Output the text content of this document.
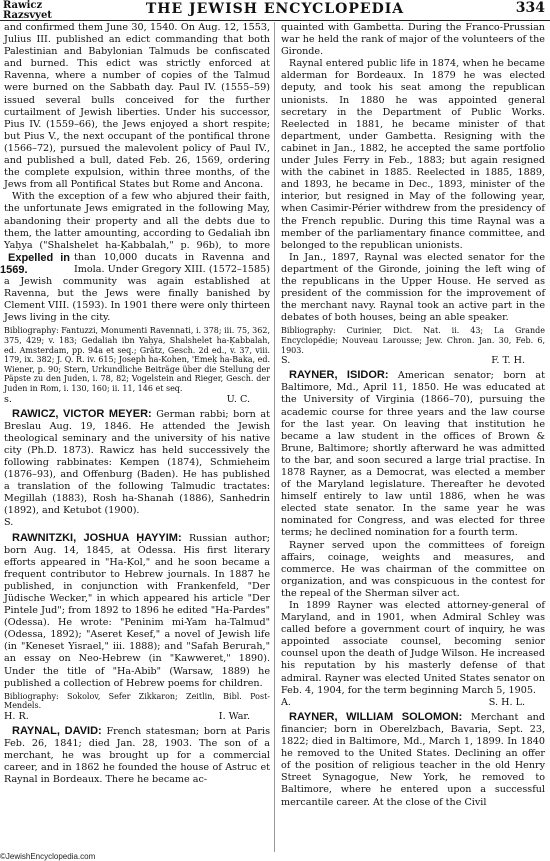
Rawicz
Razsvyet	THE JEWISH ENCYCLOPEDIA	334

and confirmed them June 30, 1540. On Aug. 12, 1553, Julius III. published an edict commanding that both Palestinian and Babylonian Talmuds be confiscated and burned. This edict was strictly enforced at Ravenna, where a number of copies of the Talmud were burned on the Sabbath day. Paul IV. (1555–59) issued several bulls conceived for the further curtailment of Jewish liberties. Under his successor, Pius IV. (1559–66), the Jews enjoyed a short respite; but Pius V., the next occupant of the pontifical throne (1566–72), pursued the malevolent policy of Paul IV., and published a bull, dated Feb. 26, 1569, ordering the complete expulsion, within three months, of the Jews from all Pontifical States but Rome and Ancona.

With the exception of a few who abjured their faith, the unfortunate Jews emigrated in the following May, abandoning their property and all the debts due to them, the latter amounting, according to Gedaliah ibn Yaḥya ("Shalshelet ha-Ḳabbalah," p. 96b), to more than 10,000 ducats in
Expelled in 1569.
Ravenna and Imola. Under Gregory XIII. (1572–1585) a Jewish community was again established at Ravenna, but the Jews were finally banished by Clement VIII. (1593). In 1901 there were only thirteen Jews living in the city.

Bibliography: Fantuzzi, Monumenti Ravennati, i. 378; iii. 75, 362, 375, 429; v. 183; Gedaliah ibn Yaḥya, Shalshelet ha-Ḳabbalah, ed. Amsterdam, pp. 94a et seq.; Grätz, Gesch. 2d ed., v. 37, viii. 179, ix. 382; J. Q. R. iv. 615; Joseph ha-Kohen, 'Emeḳ ha-Baka, ed. Wiener, p. 90; Stern, Urkundliche Beiträge über die Stellung der Päpste zu den Juden, i. 78, 82; Vogelstein and Rieger, Gesch. der Juden in Rom, i. 130, 160; ii. 11, 146 et seq.

s.	U. C.

RAWICZ, VICTOR MEYER: German rabbi; born at Breslau Aug. 19, 1846. He attended the Jewish theological seminary and the university of his native city (Ph.D. 1873). Rawicz has held successively the following rabbinates: Kempen (1874), Schmieheim (1876–93), and Offenburg (Baden). He has published a translation of the following Talmudic tractates: Megillah (1883), Rosh ha-Shanah (1886), Sanhedrin (1892), and Ketubot (1900).

S.

RAWNITZKI, JOSHUA ḤAYYIM: Russian author; born Aug. 14, 1845, at Odessa. His first literary efforts appeared in "Ha-Ḳol," and he soon became a frequent contributor to Hebrew journals. In 1887 he published, in conjunction with Frankenfeld, "Der Jüdische Wecker," in which appeared his article "Der Pintele Jud"; from 1892 to 1896 he edited "Ha-Pardes" (Odessa). He wrote: "Peninim mi-Yam ha-Talmud" (Odessa, 1892); "Aseret Kesef," a novel of Jewish life (in "Keneset Yisrael," iii. 1888); and "Safah Berurah," an essay on Neo-Hebrew (in "Kawweret," 1890). Under the title of "Ha-Abib" (Warsaw, 1889) he published a collection of Hebrew poems for children.

Bibliography: Sokolov, Sefer Zikkaron; Zeitlin, Bibl. Post-Mendels.

H. R.	I. War.

RAYNAL, DAVID: French statesman; born at Paris Feb. 26, 1841; died Jan. 28, 1903. The son of a merchant, he was brought up for a commercial career, and in 1862 he founded the house of Astruc et Raynal in Bordeaux. There he became ac-

quainted with Gambetta. During the Franco-Prussian war he held the rank of major of the volunteers of the Gironde.

Raynal entered public life in 1874, when he became alderman for Bordeaux. In 1879 he was elected deputy, and took his seat among the republican unionists. In 1880 he was appointed general secretary in the Department of Public Works. Reelected in 1881, he became minister of that department, under Gambetta. Resigning with the cabinet in Jan., 1882, he accepted the same portfolio under Jules Ferry in Feb., 1883; but again resigned with the cabinet in 1885. Reelected in 1885, 1889, and 1893, he became in Dec., 1893, minister of the interior, but resigned in May of the following year, when Casimir-Périer withdrew from the presidency of the French republic. During this time Raynal was a member of the parliamentary finance committee, and belonged to the republican unionists.

In Jan., 1897, Raynal was elected senator for the department of the Gironde, joining the left wing of the republicans in the Upper House. He served as president of the commission for the improvement of the merchant navy. Raynal took an active part in the debates of both houses, being an able speaker.

Bibliography: Curinier, Dict. Nat. ii. 43; La Grande Encyclopédie; Nouveau Larousse; Jew. Chron. Jan. 30, Feb. 6, 1903.

S.	F. T. H.

RAYNER, ISIDOR: American senator; born at Baltimore, Md., April 11, 1850. He was educated at the University of Virginia (1866–70), pursuing the academic course for three years and the law course for the last year. On leaving that institution he became a law student in the offices of Brown & Brune, Baltimore; shortly afterward he was admitted to the bar, and soon secured a large trial practise. In 1878 Rayner, as a Democrat, was elected a member of the Maryland legislature. Thereafter he devoted himself entirely to law until 1886, when he was elected state senator. In the same year he was nominated for Congress, and was elected for three terms; he declined nomination for a fourth term.

Rayner served upon the committees of foreign affairs, coinage, weights and measures, and commerce. He was chairman of the committee on organization, and was conspicuous in the contest for the repeal of the Sherman silver act.

In 1899 Rayner was elected attorney-general of Maryland, and in 1901, when Admiral Schley was called before a government court of inquiry, he was appointed associate counsel, becoming senior counsel upon the death of Judge Wilson. He increased his reputation by his masterly defense of that admiral. Rayner was elected United States senator on Feb. 4, 1904, for the term beginning March 5, 1905.

A.	S. H. L.

RAYNER, WILLIAM SOLOMON: Merchant and financier; born in Oberelzbach, Bavaria, Sept. 23, 1822; died in Baltimore, Md., March 1, 1899. In 1840 he removed to the United States. Declining an offer of the position of religious teacher in the old Henry Street Synagogue, New York, he removed to Baltimore, where he entered upon a successful mercantile career. At the close of the Civil

©JewishEncyclopedia.com
